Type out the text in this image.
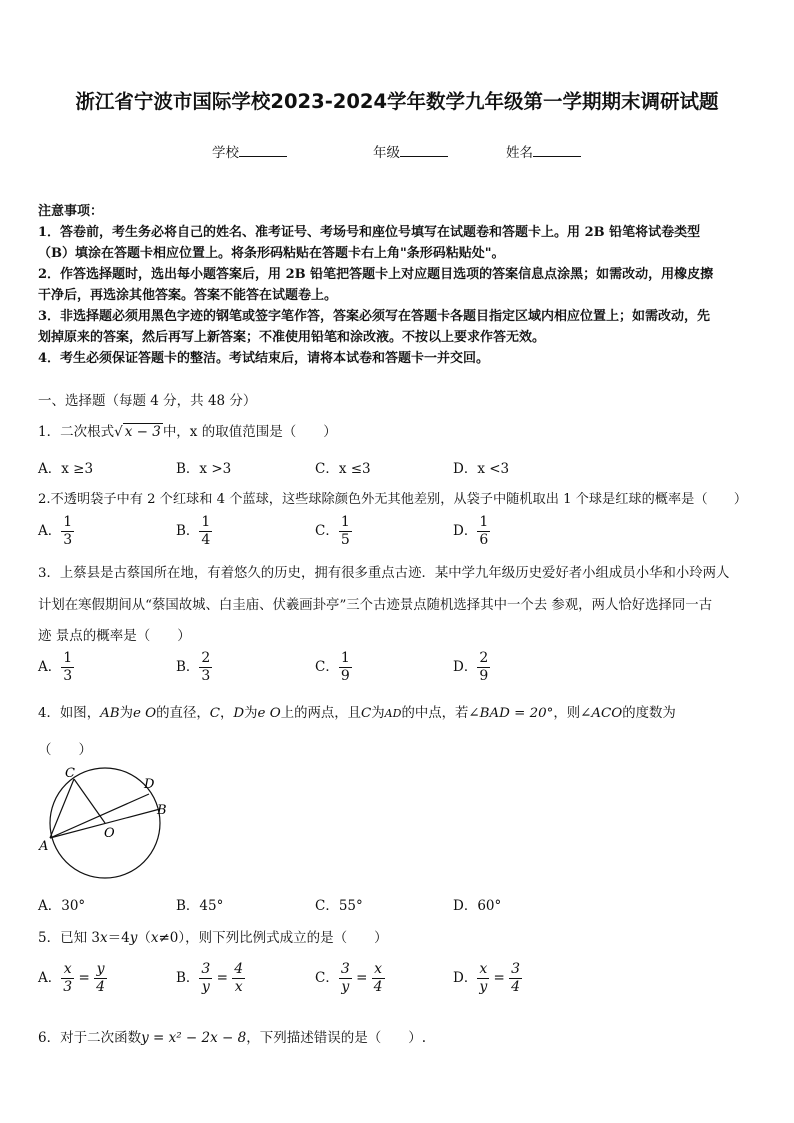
浙江省宁波市国际学校2023-2024学年数学九年级第一学期期末调研试题
学校	年级	姓名
注意事项：
1．答卷前，考生务必将自己的姓名、准考证号、考场号和座位号填写在试题卷和答题卡上。用 2B 铅笔将试卷类型
（B）填涂在答题卡相应位置上。将条形码粘贴在答题卡右上角"条形码粘贴处"。
2．作答选择题时，选出每小题答案后，用 2B 铅笔把答题卡上对应题目选项的答案信息点涂黑；如需改动，用橡皮擦
干净后，再选涂其他答案。答案不能答在试题卷上。
3．非选择题必须用黑色字迹的钢笔或签字笔作答，答案必须写在答题卡各题目指定区域内相应位置上；如需改动，先
划掉原来的答案，然后再写上新答案；不准使用铅笔和涂改液。不按以上要求作答无效。
4．考生必须保证答题卡的整洁。考试结束后，请将本试卷和答题卡一并交回。
一、选择题（每题 4 分，共 48 分）
1．二次根式√ x − 3 中，x 的取值范围是（　　）
A．x ≥3	B．x >3	C．x ≤3	D．x <3
2.不透明袋子中有 2 个红球和 4 个蓝球，这些球除颜色外无其他差别，从袋子中随机取出 1 个球是红球的概率是（　　）
A． $\frac{1}{3}$	B． $\frac{1}{4}$	C． $\frac{1}{5}$	D． $\frac{1}{6}$
3．上蔡县是古蔡国所在地，有着悠久的历史，拥有很多重点古迹．某中学九年级历史爱好者小组成员小华和小玲两人
计划在寒假期间从“蔡国故城、白圭庙、伏羲画卦亭”三个古迹景点随机选择其中一个去 参观，两人恰好选择同一古
迹 景点的概率是（　　）
A． $\frac{1}{3}$	B． $\frac{2}{3}$	C． $\frac{1}{9}$	D． $\frac{2}{9}$
4．如图，AB为e O的直径，C，D为e O上的两点，且C为AD的中点，若∠BAD = 20°，则∠ACO的度数为
（　　）
A
B
C
D
O
A．30°	B．45°	C．55°	D．60°
5．已知 3x＝4y（x≠0），则下列比例式成立的是（　　）
A． $\frac{x}{3} = \frac{y}{4}$	B． $\frac{3}{y} = \frac{4}{x}$	C． $\frac{3}{y} = \frac{x}{4}$	D． $\frac{x}{y} = \frac{3}{4}$
6．对于二次函数y = x² − 2x − 8，下列描述错误的是（　　）.
